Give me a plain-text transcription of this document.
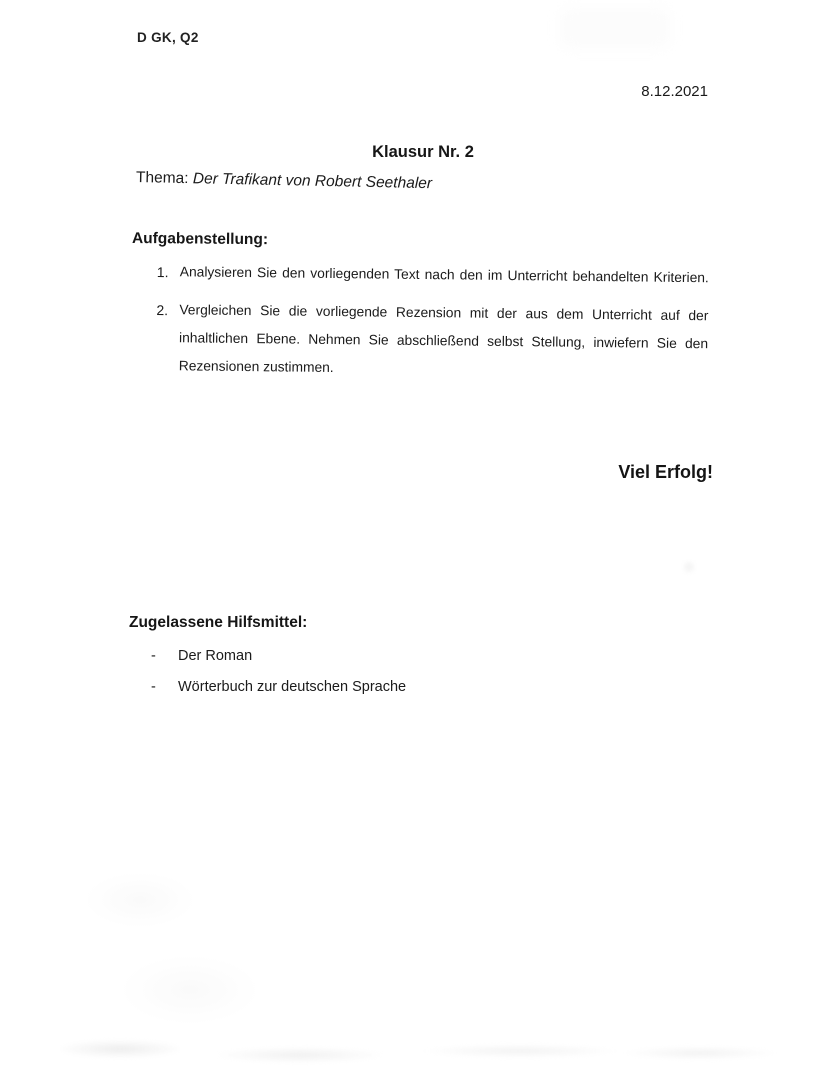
D GK, Q2
8.12.2021
Klausur Nr. 2
Thema: Der Trafikant von Robert Seethaler
Aufgabenstellung:
1. Analysieren Sie den vorliegenden Text nach den im Unterricht behandelten Kriterien.
2. Vergleichen Sie die vorliegende Rezension mit der aus dem Unterricht auf der inhaltlichen Ebene. Nehmen Sie abschließend selbst Stellung, inwiefern Sie den Rezensionen zustimmen.
Viel Erfolg!
Zugelassene Hilfsmittel:
-	Der Roman
-	Wörterbuch zur deutschen Sprache
